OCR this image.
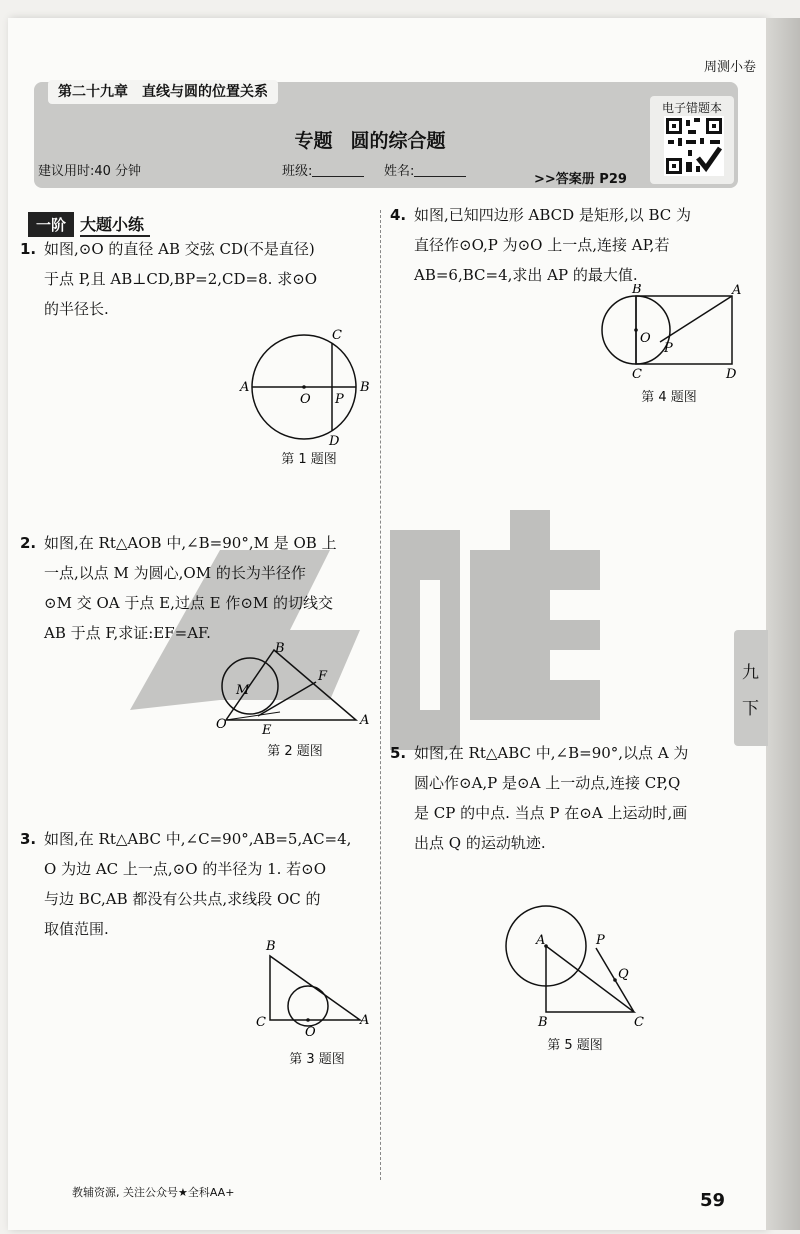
周测小卷
第二十九章　直线与圆的位置关系
专题 圆的综合题
建议用时:40 分钟	班级:	姓名:
>>答案册 P29
电子错题本
一阶 大题小练
1. 如图,⊙O 的直径 AB 交弦 CD(不是直径)
于点 P,且 AB⊥CD,BP=2,CD=8. 求⊙O
的半径长.
A	B
C
D
O P
第 1 题图
2. 如图,在 Rt△AOB 中,∠B=90°,M 是 OB 上
一点,以点 M 为圆心,OM 的长为半径作
⊙M 交 OA 于点 E,过点 E 作⊙M 的切线交
AB 于点 F,求证:EF=AF.
B
F
M
O	E
A
第 2 题图
3. 如图,在 Rt△ABC 中,∠C=90°,AB=5,AC=4,
O 为边 AC 上一点,⊙O 的半径为 1. 若⊙O
与边 BC,AB 都没有公共点,求线段 OC 的
取值范围.
B
C	A
O
第 3 题图
4. 如图,已知四边形 ABCD 是矩形,以 BC 为
直径作⊙O,P 为⊙O 上一点,连接 AP,若
AB=6,BC=4,求出 AP 的最大值.
B	A
C	D
O
P
第 4 题图
5. 如图,在 Rt△ABC 中,∠B=90°,以点 A 为
圆心作⊙A,P 是⊙A 上一动点,连接 CP,Q
是 CP 的中点. 当点 P 在⊙A 上运动时,画
出点 Q 的运动轨迹.
A	P
Q
B	C
第 5 题图
九
下
教辅资源, 关注公众号★全科AA+	59
